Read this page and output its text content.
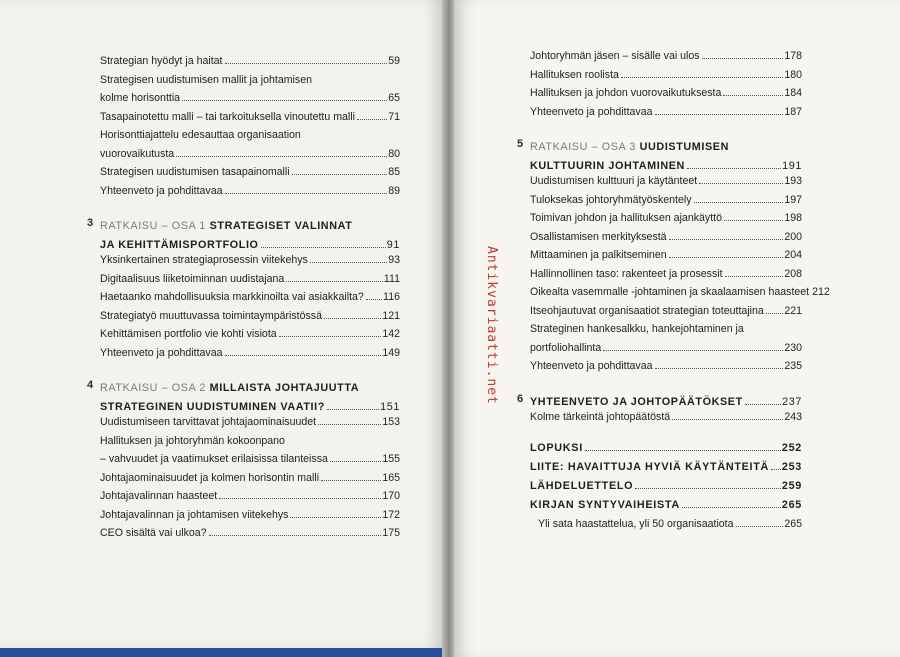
Strategian hyödyt ja haitat	59
Strategisen uudistumisen mallit ja johtamisen
kolme horisonttia	65
Tasapainotettu malli – tai tarkoituksella vinoutettu malli	71
Horisonttiajattelu edesauttaa organisaation
vuorovaikutusta	80
Strategisen uudistumisen tasapainomalli	85
Yhteenveto ja pohdittavaa	89
3 RATKAISU – OSA 1 STRATEGISET VALINNAT
JA KEHITTÄMISPORTFOLIO	91
Yksinkertainen strategiaprosessin viitekehys	93
Digitaalisuus liiketoiminnan uudistajana	111
Haetaanko mahdollisuuksia markkinoilta vai asiakkailta? 116
Strategiatyö muuttuvassa toimintaympäristössä	121
Kehittämisen portfolio vie kohti visiota	142
Yhteenveto ja pohdittavaa	149
4 RATKAISU – OSA 2 MILLAISTA JOHTAJUUTTA
STRATEGINEN UUDISTUMINEN VAATII?	151
Uudistumiseen tarvittavat johtajaominaisuudet	153
Hallituksen ja johtoryhmän kokoonpano
– vahvuudet ja vaatimukset erilaisissa tilanteissa	155
Johtajaominaisuudet ja kolmen horisontin malli	165
Johtajavalinnan haasteet	170
Johtajavalinnan ja johtamisen viitekehys	172
CEO sisältä vai ulkoa?	175
Johtoryhmän jäsen – sisälle vai ulos	178
Hallituksen roolista	180
Hallituksen ja johdon vuorovaikutuksesta	184
Yhteenveto ja pohdittavaa	187
5 RATKAISU – OSA 3 UUDISTUMISEN
KULTTUURIN JOHTAMINEN	191
Uudistumisen kulttuuri ja käytänteet	193
Tuloksekas johtoryhmätyöskentely	197
Toimivan johdon ja hallituksen ajankäyttö	198
Osallistamisen merkityksestä	200
Mittaaminen ja palkitseminen	204
Hallinnollinen taso: rakenteet ja prosessit	208
Oikealta vasemmalle -johtaminen ja skaalaamisen haasteet 212
Itseohjautuvat organisaatiot strategian toteuttajina 221
Strateginen hankesalkku, hankejohtaminen ja
portfoliohallinta	230
Yhteenveto ja pohdittavaa	235
6 YHTEENVETO JA JOHTOPÄÄTÖKSET	237
Kolme tärkeintä johtopäätöstä	243
LOPUKSI	252
LIITE: HAVAITTUJA HYVIÄ KÄYTÄNTEITÄ 253
LÄHDELUETTELO	259
KIRJAN SYNTYVAIHEISTA	265
Yli sata haastattelua, yli 50 organisaatiota	265
Antikvariaatti.net
